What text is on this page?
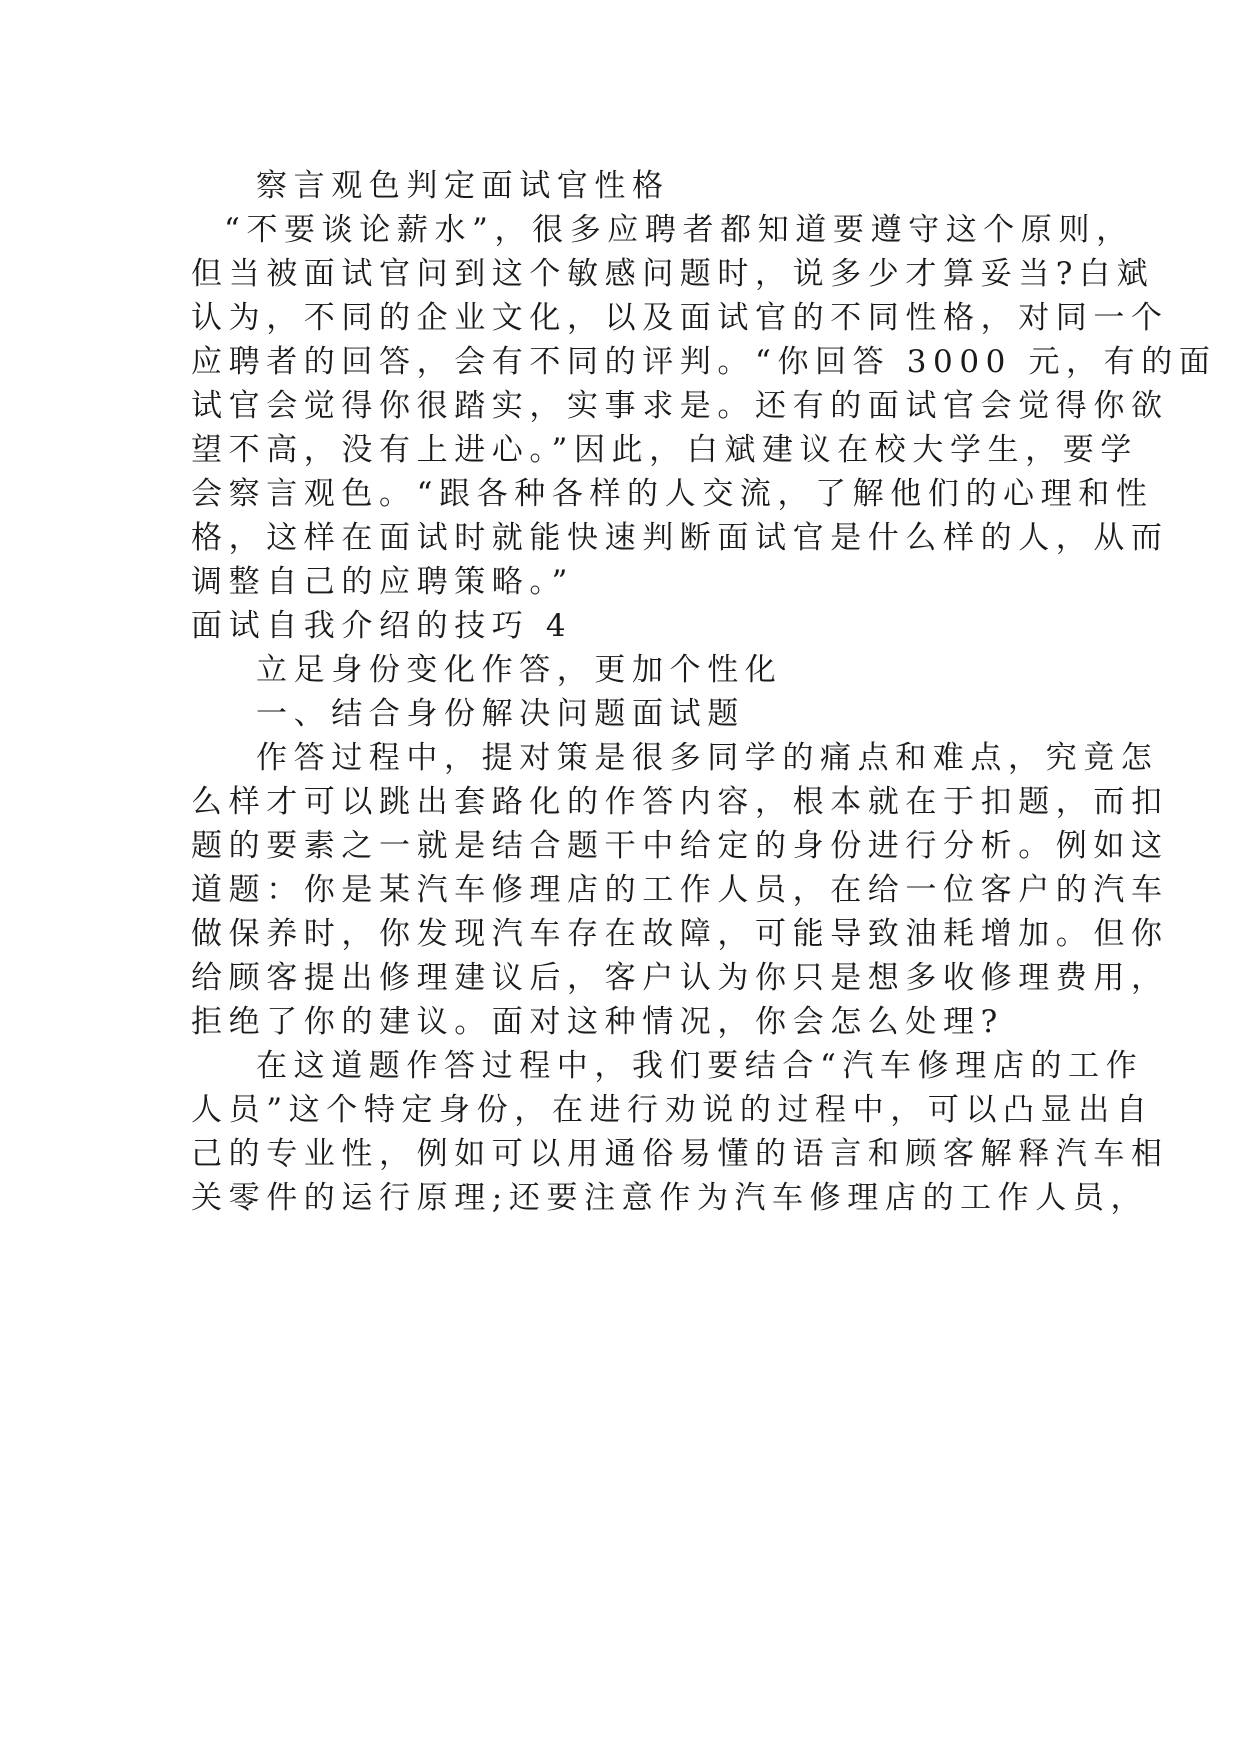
察言观色判定面试官性格
“不要谈论薪水”，很多应聘者都知道要遵守这个原则，
但当被面试官问到这个敏感问题时，说多少才算妥当?白斌
认为，不同的企业文化，以及面试官的不同性格，对同一个
应聘者的回答，会有不同的评判。“你回答 3000 元，有的面
试官会觉得你很踏实，实事求是。还有的面试官会觉得你欲
望不高，没有上进心。”因此，白斌建议在校大学生，要学
会察言观色。“跟各种各样的人交流，了解他们的心理和性
格，这样在面试时就能快速判断面试官是什么样的人，从而
调整自己的应聘策略。”
面试自我介绍的技巧 4
立足身份变化作答，更加个性化
一、结合身份解决问题面试题
作答过程中，提对策是很多同学的痛点和难点，究竟怎
么样才可以跳出套路化的作答内容，根本就在于扣题，而扣
题的要素之一就是结合题干中给定的身份进行分析。例如这
道题：你是某汽车修理店的工作人员，在给一位客户的汽车
做保养时，你发现汽车存在故障，可能导致油耗增加。但你
给顾客提出修理建议后，客户认为你只是想多收修理费用，
拒绝了你的建议。面对这种情况，你会怎么处理?
在这道题作答过程中，我们要结合“汽车修理店的工作
人员”这个特定身份，在进行劝说的过程中，可以凸显出自
己的专业性，例如可以用通俗易懂的语言和顾客解释汽车相
关零件的运行原理;还要注意作为汽车修理店的工作人员，
